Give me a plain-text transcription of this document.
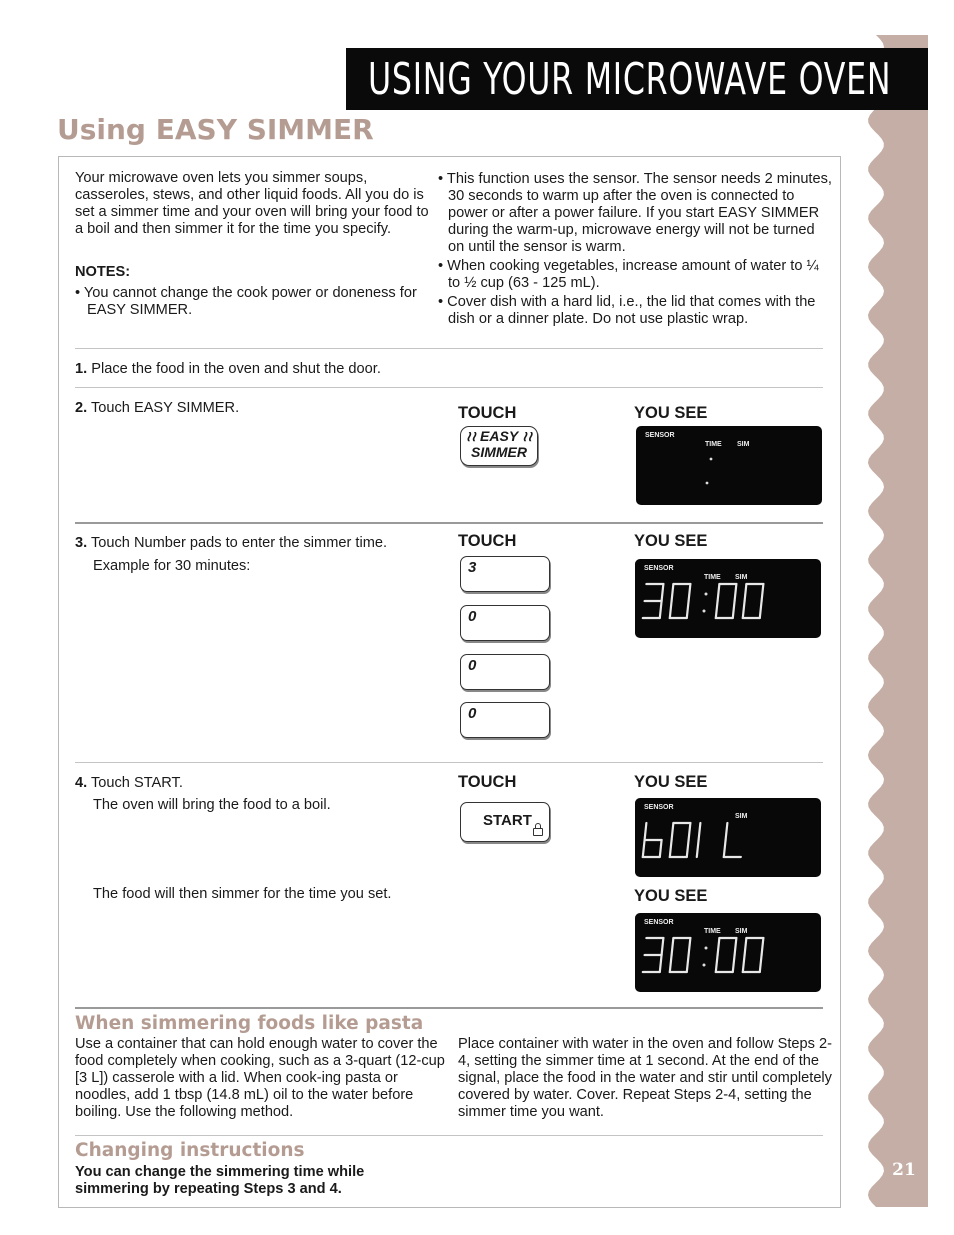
USING YOUR MICROWAVE OVEN
Using EASY SIMMER
Your microwave oven lets you simmer soups, casseroles, stews, and other liquid foods. All you do is set a simmer time and your oven will bring your food to a boil and then simmer it for the time you specify.
NOTES:
• You cannot change the cook power or doneness for EASY SIMMER.
• This function uses the sensor. The sensor needs 2 minutes, 30 seconds to warm up after the oven is connected to power or after a power failure. If you start EASY SIMMER during the warm-up, microwave energy will not be turned on until the sensor is warm.
• When cooking vegetables, increase amount of water to ¼ to ½ cup (63 - 125 mL).
• Cover dish with a hard lid, i.e., the lid that comes with the dish or a dinner plate. Do not use plastic wrap.
1. Place the food in the oven and shut the door.
2. Touch EASY SIMMER.	TOUCH	YOU SEE
≀≀ EASY ≀≀
SIMMER
SENSOR
TIME SIM
3. Touch Number pads to enter the simmer time.
Example for 30 minutes:
TOUCH	YOU SEE
3
0
0
0
SENSOR
TIME SIM
4. Touch START.
The oven will bring the food to a boil.
The food will then simmer for the time you set.
TOUCH	YOU SEE
START
SENSOR
SIM
YOU SEE
SENSOR
TIME SIM
When simmering foods like pasta
Use a container that can hold enough water to cover the food completely when cooking, such as a 3-quart (12-cup [3 L]) casserole with a lid. When cook-ing pasta or noodles, add 1 tbsp (14.8 mL) oil to the water before boiling. Use the following method.
Place container with water in the oven and follow Steps 2-4, setting the simmer time at 1 second. At the end of the signal, place the food in the water and stir until completely covered by water. Cover. Repeat Steps 2-4, setting the simmer time you want.
Changing instructions
You can change the simmering time while simmering by repeating Steps 3 and 4.
21
